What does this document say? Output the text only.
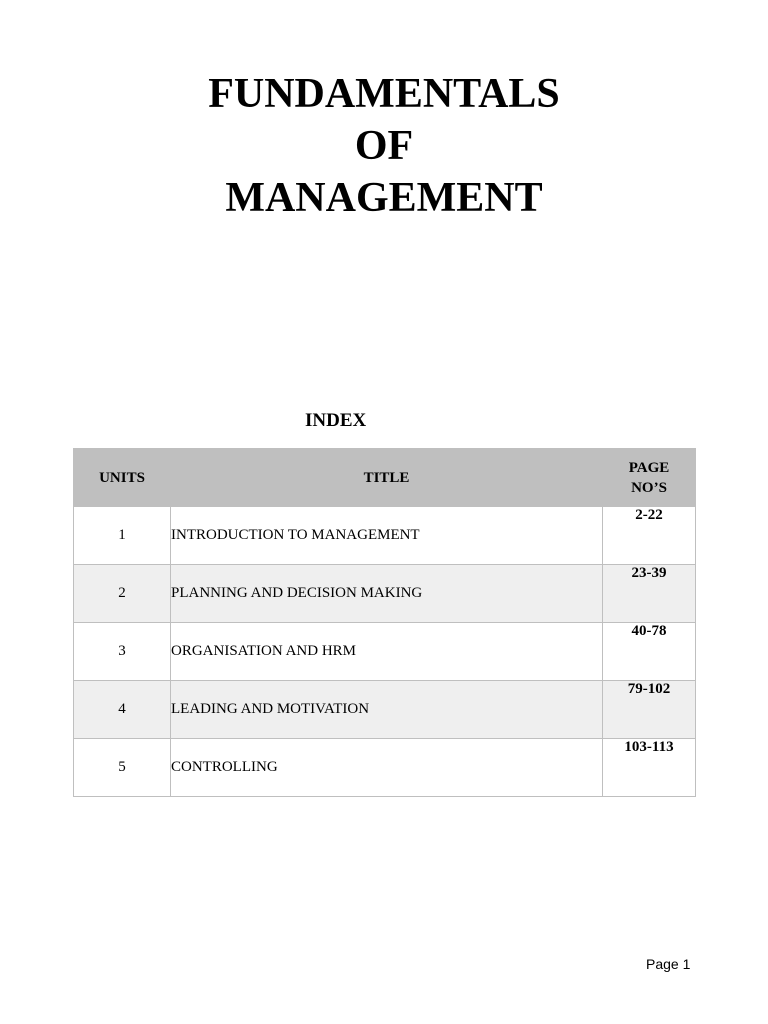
FUNDAMENTALS
OF
MANAGEMENT
INDEX
UNITS	TITLE	PAGE
NO’S

1	INTRODUCTION TO MANAGEMENT	2-22
2	PLANNING AND DECISION MAKING	23-39
3	ORGANISATION AND HRM	40-78
4	LEADING AND MOTIVATION	79-102
5	CONTROLLING	103-113
Page 1
